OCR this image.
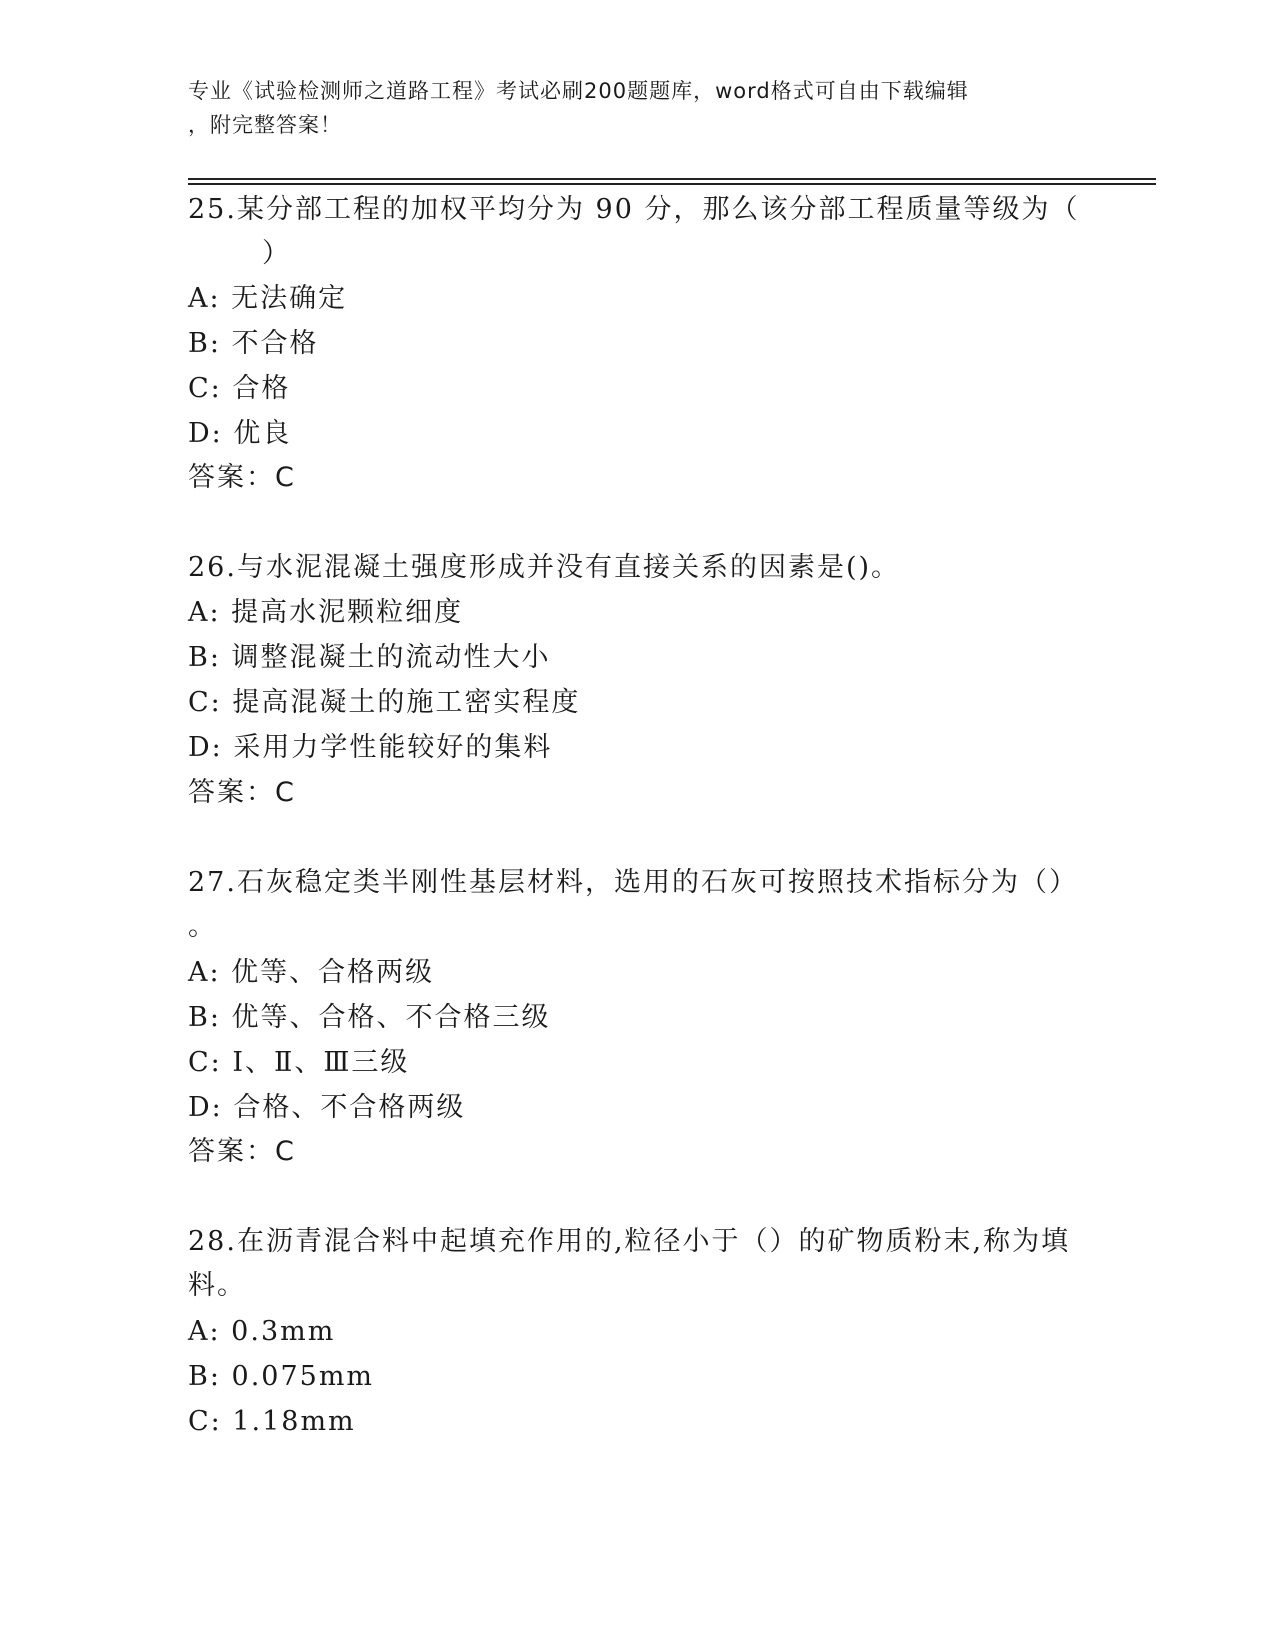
专业《试验检测师之道路工程》考试必刷200题题库，word格式可自由下载编辑
，附完整答案！
25.某分部工程的加权平均分为 90 分，那么该分部工程质量等级为（
）
A: 无法确定
B: 不合格
C: 合格
D: 优良
答案：C
26.与水泥混凝土强度形成并没有直接关系的因素是()。
A: 提高水泥颗粒细度
B: 调整混凝土的流动性大小
C: 提高混凝土的施工密实程度
D: 采用力学性能较好的集料
答案：C
27.石灰稳定类半刚性基层材料，选用的石灰可按照技术指标分为（）
。
A: 优等、合格两级
B: 优等、合格、不合格三级
C: Ⅰ、Ⅱ、Ⅲ三级
D: 合格、不合格两级
答案：C
28.在沥青混合料中起填充作用的,粒径小于（）的矿物质粉末,称为填
料。
A: 0.3mm
B: 0.075mm
C: 1.18mm
